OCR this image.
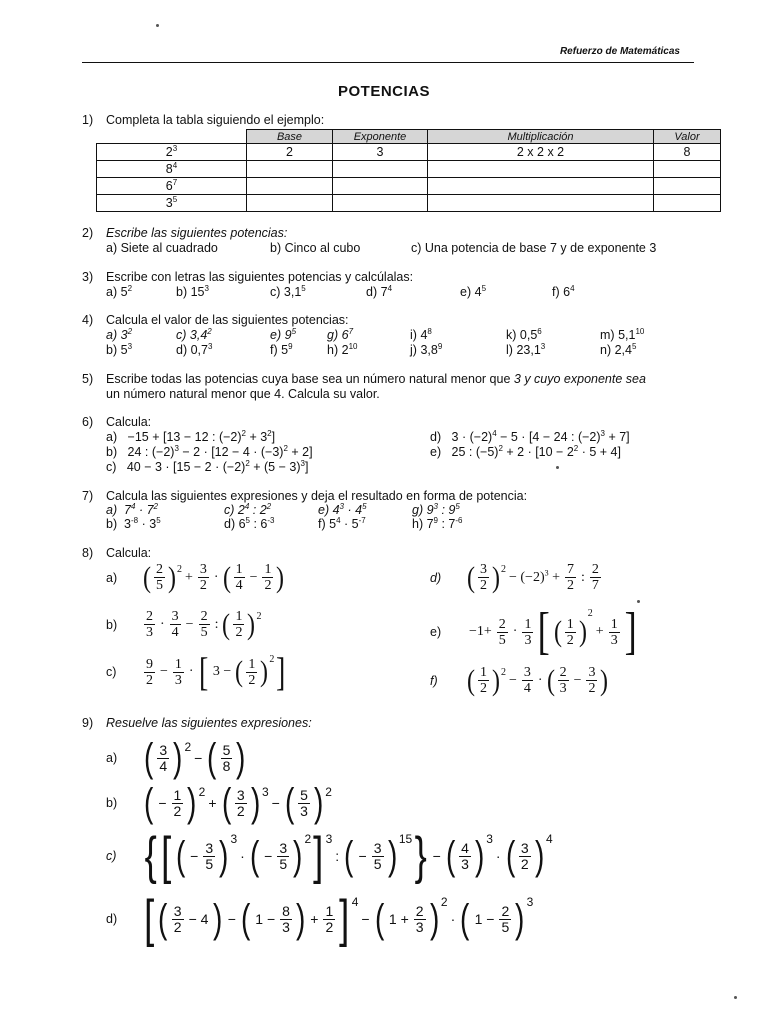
Refuerzo de Matemáticas
POTENCIAS
1) Completa la tabla siguiendo el ejemplo:
	Base	Exponente	Multiplicación	Valor
$2^3$	2	3	2 x 2 x 2	8
$8^4$				
$6^7$				
$3^5$				
2) Escribe las siguientes potencias:
a) Siete al cuadrado	b) Cinco al cubo	c) Una potencia de base 7 y de exponente 3
3) Escribe con letras las siguientes potencias y calcúlalas:
a) $5^2$	b) $15^3$	c) $3,1^5$	d) $7^4$	e) $4^5$	f) $6^4$
4) Calcula el valor de las siguientes potencias:
a) $3^2$	c) $3,4^2$	e) $9^5$ g) $6^7$	i) $4^8$	k) $0,5^6$	m) $5,1^{10}$
b) $5^3$	d) $0,7^3$	f) $5^9$	h) $2^{10}$	j) $3,8^9$	l) 23,1$^3$	n) $2,4^5$
5) Escribe todas las potencias cuya base sea un número natural menor que 3 y cuyo exponente sea
un número natural menor que 4. Calcula su valor.
6) Calcula:
a)   −15 + [13 − 12 : $(-2)^2 + 3^2$]
b)   24 : $(-2)^3 - 2 \cdot [12 - 4 \cdot (-3)^2 + 2]$
c)   $40 - 3 \cdot [15 - 2 \cdot (-2)^2 + (5 - 3)^3]$
d)   $3 \cdot (-2)^4 - 5 \cdot [4 - 24$ : $(-2)^3 + 7$]
e)   25 : $(-5)^2 + 2 \cdot [10 - 2^2 \cdot 5 + 4]$
7) Calcula las siguientes expresiones y deja el resultado en forma de potencia:
a)  $7^4 \cdot 7^2$	c) $2^4$ : $2^2$	e) $4^3 \cdot 4^5$	g) $9^3$ : $9^5$
b)  $3^{-8} \cdot 3^5$	d) $6^5$ : $6^{-3}$	f) $5^4 \cdot 5^{-7}$	h) $7^9$ : $7^{-6}$
8) Calcula:
a) ( 2
5 ) $2 + \frac{3}{2}$ · ( 1
4
− $\frac{1}{2}$ )
b)
2
3
· 3
4
− $\frac{2}{5}$ : ( 1
2 ) 2
c)
9
2
− $\frac{1}{3}$ · [ 3 − ( 1
2 ) 2 ]
d) ( 3
2 ) $2 - (-2)^3 + \frac{7}{2}$ : 2
7
e)	$-1+ \frac{2}{5} \cdot 1$
3 [ ( 1
2 )
2
+ $\frac{1}{3}$ ]
f) ( 1
2 ) $2 - \frac{3}{4}$ · ( 2
3
− $\frac{3}{2}$ )
9) Resuelve las siguientes expresiones:
a) ( 3
4 ) 2
− ( 5
8 )
b) ( − $\frac{1}{2}$ ) 2
+ ( 3
2 ) 3
− ( 5
3 ) 2
c) { [ ( − $\frac{3}{5}$ ) 3
· ( − $\frac{3}{5}$ ) 2 ] 3
: ( − $\frac{3}{5}$ ) 15 } − ( 4
3 ) 3
· ( 3
2 ) 4
d) [ ( 3
2 − 4 ) − ( $1 - \frac{8}{3}$ ) + $\frac{1}{2}$ ] 4
− ( $1 + \frac{2}{3}$ ) 2
· ( $1 - \frac{2}{5}$ ) 3
